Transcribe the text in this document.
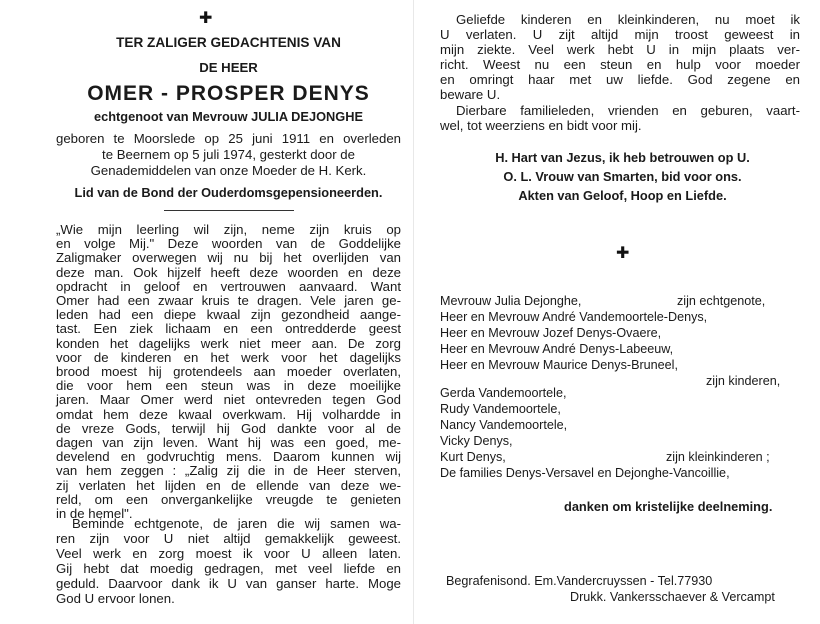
✚
TER ZALIGER GEDACHTENIS VAN
DE HEER
OMER - PROSPER DENYS
echtgenoot van Mevrouw JULIA DEJONGHE
geboren te Moorslede op 25 juni 1911 en overleden
te Beernem op 5 juli 1974, gesterkt door de
Genademiddelen van onze Moeder de H. Kerk.
Lid van de Bond der Ouderdomsgepensioneerden.
„Wie mijn leerling wil zijn, neme zijn kruis op
en volge Mij." Deze woorden van de Goddelijke
Zaligmaker overwegen wij nu bij het overlijden van
deze man. Ook hijzelf heeft deze woorden en deze
opdracht in geloof en vertrouwen aanvaard. Want
Omer had een zwaar kruis te dragen. Vele jaren ge-
leden had een diepe kwaal zijn gezondheid aange-
tast. Een ziek lichaam en een ontredderde geest
konden het dagelijks werk niet meer aan. De zorg
voor de kinderen en het werk voor het dagelijks
brood moest hij grotendeels aan moeder overlaten,
die voor hem een steun was in deze moeilijke
jaren. Maar Omer werd niet ontevreden tegen God
omdat hem deze kwaal overkwam. Hij volhardde in
de vreze Gods, terwijl hij God dankte voor al de
dagen van zijn leven. Want hij was een goed, me-
develend en godvruchtig mens. Daarom kunnen wij
van hem zeggen : „Zalig zij die in de Heer sterven,
zij verlaten het lijden en de ellende van deze we-
reld, om een onvergankelijke vreugde te genieten
in de hemel".
Beminde echtgenote, de jaren die wij samen wa-
ren zijn voor U niet altijd gemakkelijk geweest.
Veel werk en zorg moest ik voor U alleen laten.
Gij hebt dat moedig gedragen, met veel liefde en
geduld. Daarvoor dank ik U van ganser harte. Moge
God U ervoor lonen.
Geliefde kinderen en kleinkinderen, nu moet ik
U verlaten. U zijt altijd mijn troost geweest in
mijn ziekte. Veel werk hebt U in mijn plaats ver-
richt. Weest nu een steun en hulp voor moeder
en omringt haar met uw liefde. God zegene en
beware U.
Dierbare familieleden, vrienden en geburen, vaart-
wel, tot weerziens en bidt voor mij.
H. Hart van Jezus, ik heb betrouwen op U.
O. L. Vrouw van Smarten, bid voor ons.
Akten van Geloof, Hoop en Liefde.
✚
Mevrouw Julia Dejonghe,	zijn echtgenote,
Heer en Mevrouw André Vandemoortele-Denys,
Heer en Mevrouw Jozef Denys-Ovaere,
Heer en Mevrouw André Denys-Labeeuw,
Heer en Mevrouw Maurice Denys-Bruneel,
zijn kinderen,
Gerda Vandemoortele,
Rudy Vandemoortele,
Nancy Vandemoortele,
Vicky Denys,
Kurt Denys,	zijn kleinkinderen ;
De families Denys-Versavel en Dejonghe-Vancoillie,
danken om kristelijke deelneming.
Begrafenisond. Em.Vandercruyssen - Tel.77930
Drukk. Vankersschaever & Vercampt
